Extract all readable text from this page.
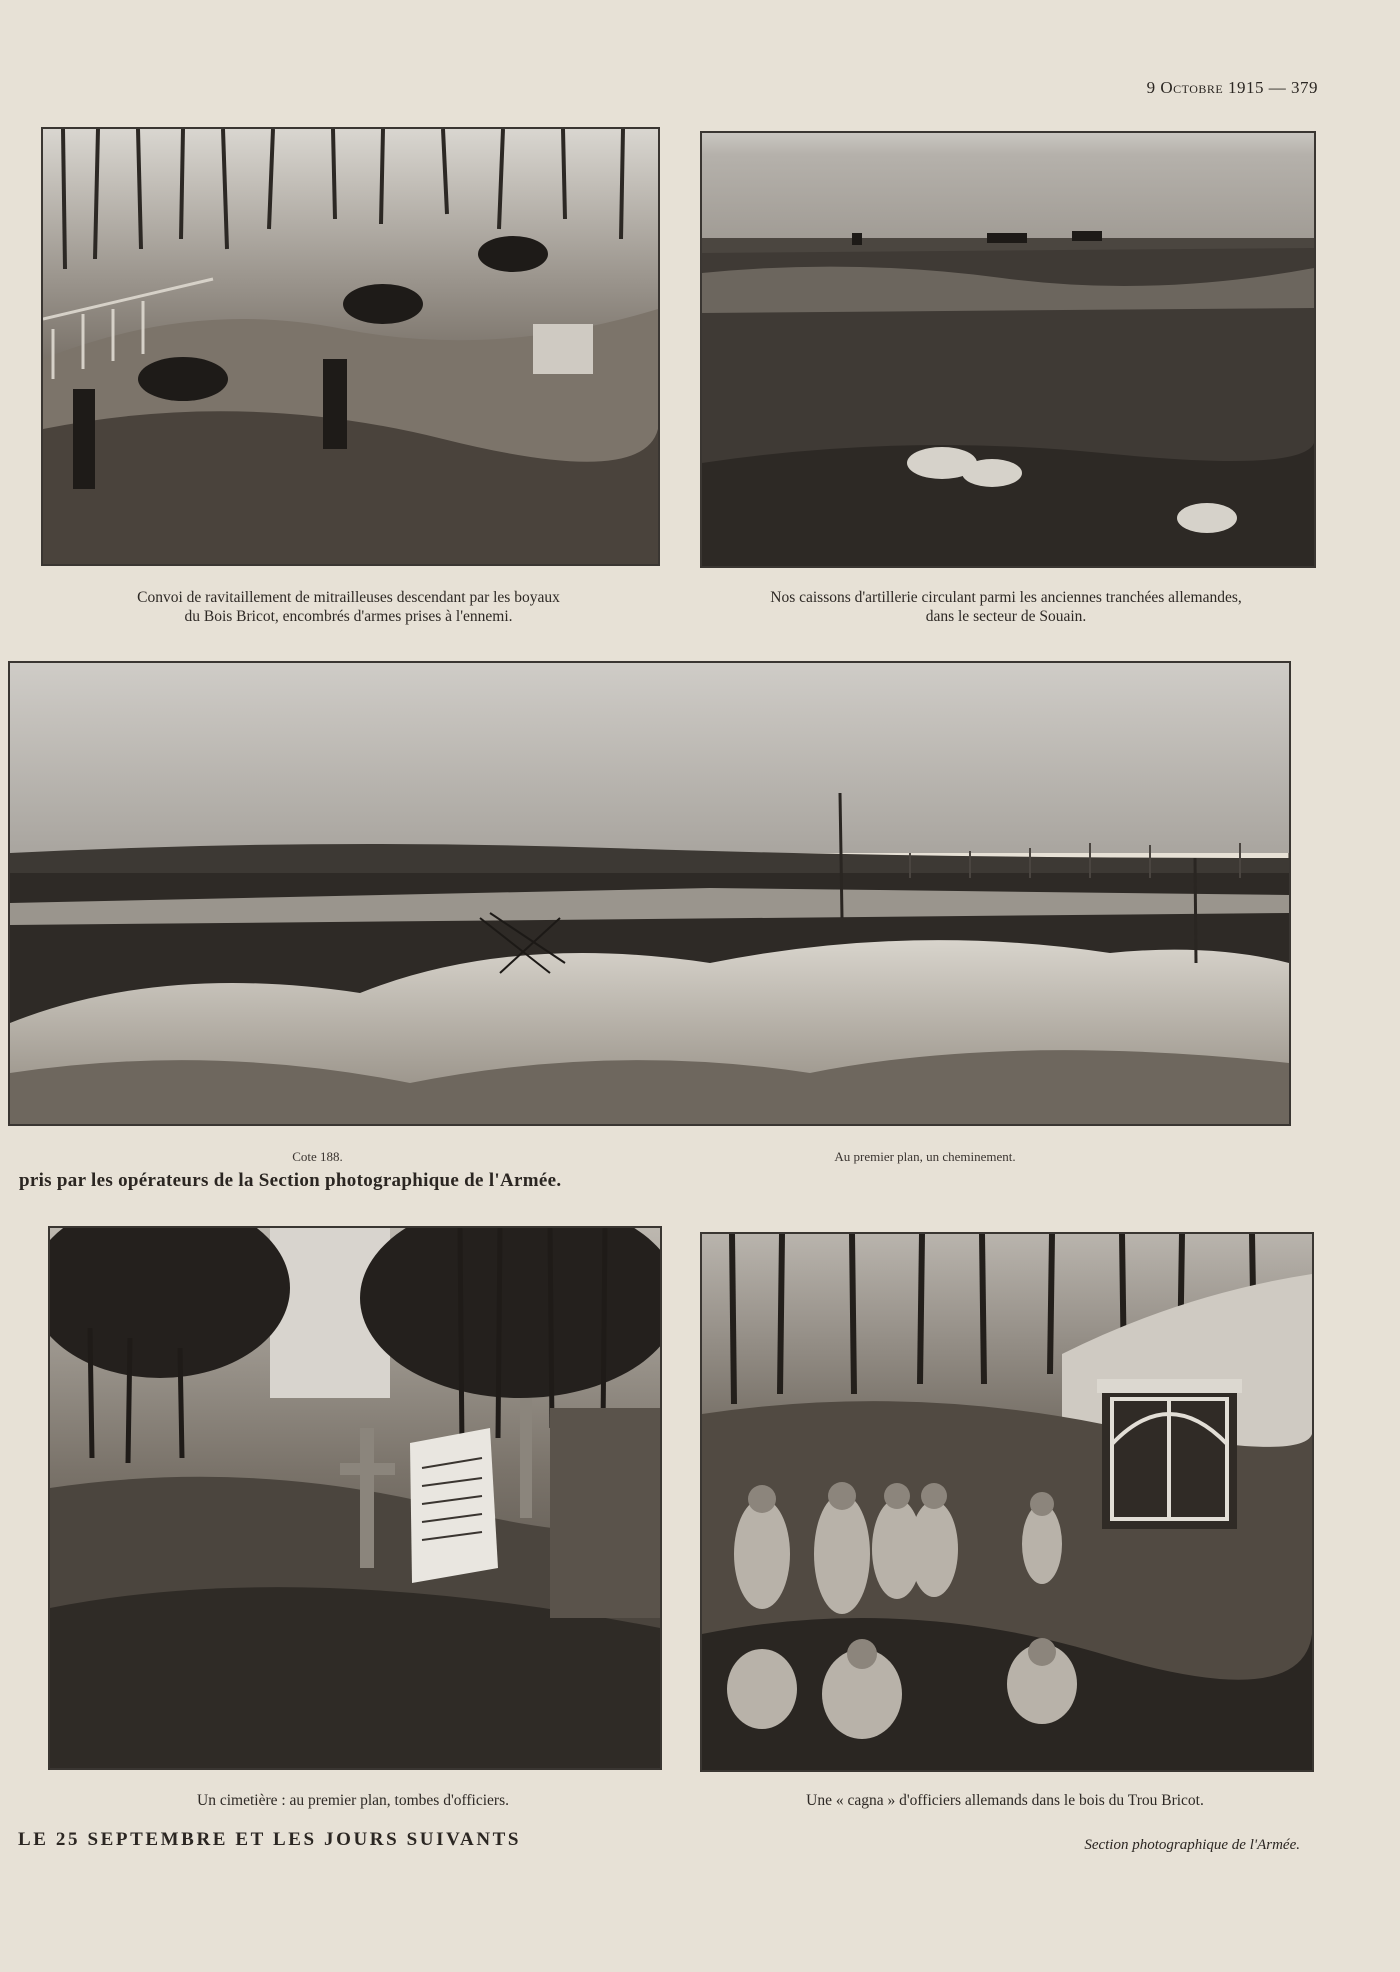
9 Octobre 1915 — 379
Convoi de ravitaillement de mitrailleuses descendant par les boyaux
du Bois Bricot, encombrés d'armes prises à l'ennemi.
Nos caissons d'artillerie circulant parmi les anciennes tranchées allemandes,
dans le secteur de Souain.
Cote 188.	Au premier plan, un cheminement.
pris par les opérateurs de la Section photographique de l'Armée.
Un cimetière : au premier plan, tombes d'officiers.	Une « cagna » d'officiers allemands dans le bois du Trou Bricot.
LE 25 SEPTEMBRE ET LES JOURS SUIVANTS	Section photographique de l'Armée.
